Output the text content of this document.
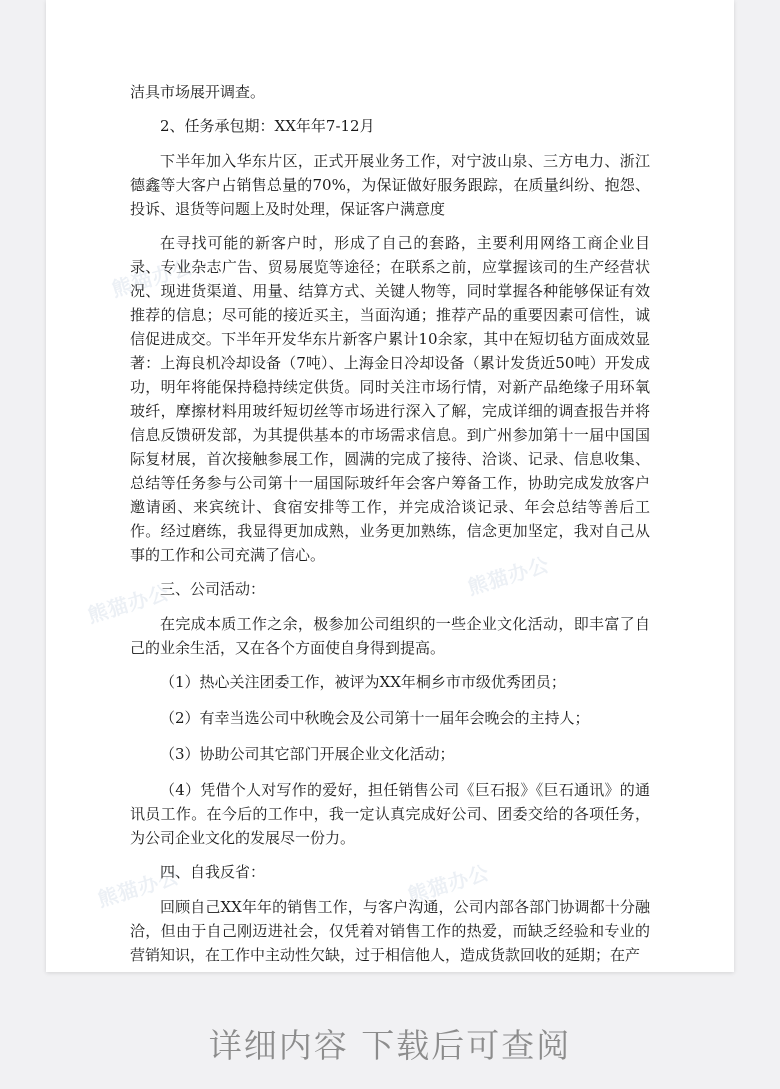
熊猫办公
熊猫办公
熊猫办公
熊猫办公	熊猫办公

洁具市场展开调查。

2、任务承包期：XX年年7-12月

下半年加入华东片区，正式开展业务工作，对宁波山泉、三方电力、浙江德鑫等大客户占销售总量的70%，为保证做好服务跟踪，在质量纠纷、抱怨、投诉、退货等问题上及时处理，保证客户满意度

在寻找可能的新客户时，形成了自己的套路，主要利用网络工商企业目录、专业杂志广告、贸易展览等途径；在联系之前，应掌握该司的生产经营状况、现进货渠道、用量、结算方式、关键人物等，同时掌握各种能够保证有效推荐的信息；尽可能的接近买主，当面沟通；推荐产品的重要因素可信性，诚信促进成交。下半年开发华东片新客户累计10余家，其中在短切毡方面成效显著：上海良机冷却设备（7吨）、上海金日冷却设备（累计发货近50吨）开发成功，明年将能保持稳持续定供货。同时关注市场行情，对新产品绝缘子用环氧玻纤，摩擦材料用玻纤短切丝等市场进行深入了解，完成详细的调查报告并将信息反馈研发部，为其提供基本的市场需求信息。到广州参加第十一届中国国际复材展，首次接触参展工作，圆满的完成了接待、洽谈、记录、信息收集、总结等任务参与公司第十一届国际玻纤年会客户筹备工作，协助完成发放客户邀请函、来宾统计、食宿安排等工作，并完成洽谈记录、年会总结等善后工作。经过磨练，我显得更加成熟，业务更加熟练，信念更加坚定，我对自己从事的工作和公司充满了信心。

三、公司活动：

在完成本质工作之余，极参加公司组织的一些企业文化活动，即丰富了自己的业余生活，又在各个方面使自身得到提高。

（1）热心关注团委工作，被评为XX年桐乡市市级优秀团员；

（2）有幸当选公司中秋晚会及公司第十一届年会晚会的主持人；

（3）协助公司其它部门开展企业文化活动；

（4）凭借个人对写作的爱好，担任销售公司《巨石报》《巨石通讯》的通讯员工作。在今后的工作中，我一定认真完成好公司、团委交给的各项任务，为公司企业文化的发展尽一份力。

四、自我反省：

回顾自己XX年年的销售工作，与客户沟通，公司内部各部门协调都十分融洽，但由于自己刚迈进社会，仅凭着对销售工作的热爱，而缺乏经验和专业的营销知识，在工作中主动性欠缺，过于相信他人，造成货款回收的延期；在产

详细内容 下载后可查阅
